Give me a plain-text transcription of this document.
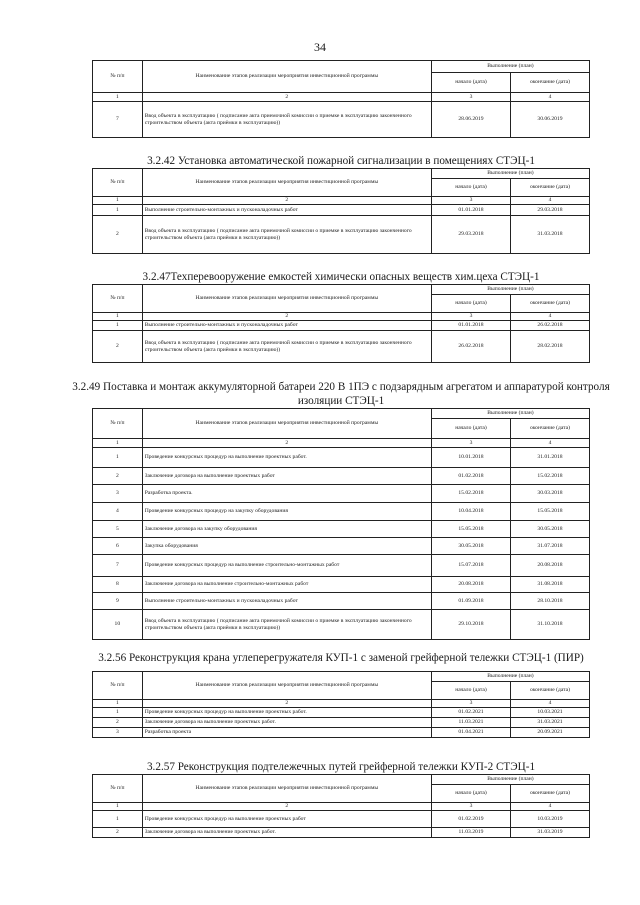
34
№ п/п	Наименование этапов реализации мероприятия инвестиционной программы	Выполнение (план)	
		начало (дата)	окончание (дата)
1	2	3	4
7	Ввод объекта в эксплуатацию ( подписание акта приемочной комиссии о приемке в эксплуатацию законченного строительством объекта (акта приёмки в эксплуатацию))	28.06.2019	30.06.2019
3.2.42 Установка автоматической пожарной сигнализации в помещениях СТЭЦ-1
№ п/п	Наименование этапов реализации мероприятия инвестиционной программы	Выполнение (план)	
		начало (дата)	окончание (дата)
1	2	3	4
1	Выполнение строительно-монтажных и пусконаладочных работ	01.01.2018	29.03.2018
2	Ввод объекта в эксплуатацию ( подписание акта приемочной комиссии о приемке в эксплуатацию законченного строительством объекта (акта приёмки в эксплуатацию))	29.03.2018	31.03.2018
3.2.47Техперевооружение емкостей химически опасных веществ хим.цеха СТЭЦ-1
№ п/п	Наименование этапов реализации мероприятия инвестиционной программы	Выполнение (план)	
		начало (дата)	окончание (дата)
1	2	3	4
1	Выполнение строительно-монтажных и пусконаладочных работ	01.01.2018	26.02.2018
2	Ввод объекта в эксплуатацию ( подписание акта приемочной комиссии о приемке в эксплуатацию законченного строительством объекта (акта приёмки в эксплуатацию))	26.02.2018	28.02.2018
3.2.49 Поставка и монтаж аккумуляторной батареи 220 В 1ПЭ с подзарядным агрегатом и аппаратурой контроля изоляции СТЭЦ-1
№ п/п	Наименование этапов реализации мероприятия инвестиционной программы	Выполнение (план)	
		начало (дата)	окончание (дата)
1	2	3	4
1	Проведение конкурсных процедур на выполнение проектных работ.	10.01.2018	31.01.2018
2	Заключение договора на выполнение проектных работ	01.02.2018	15.02.2018
3	Разработка проекта.	15.02.2018	30.03.2018
4	Проведение конкурсных процедур на закупку оборудования	10.04.2018	15.05.2018
5	Заключение договора на закупку оборудования	15.05.2018	30.05.2018
6	Закупка оборудования	30.05.2018	31.07.2018
7	Проведение конкурсных процедур на выполнение строительно-монтажных работ	15.07.2018	20.08.2018
8	Заключение договора на выполнение строительно-монтажных работ	20.08.2018	31.08.2018
9	Выполнение строительно-монтажных и пусконаладочных работ	01.09.2018	28.10.2018
10	Ввод объекта в эксплуатацию ( подписание акта приемочной комиссии о приемке в эксплуатацию законченного строительством объекта (акта приёмки в эксплуатацию))	29.10.2018	31.10.2018
3.2.56 Реконструкция крана углеперегружателя КУП-1 с заменой грейферной тележки СТЭЦ-1 (ПИР)
№ п/п	Наименование этапов реализации мероприятия инвестиционной программы	Выполнение (план)	
		начало (дата)	окончание (дата)
1	2	3	4
1	Проведение конкурсных процедур на выполнение проектных работ.	01.02.2021	10.03.2021
2	Заключение договора на выполнение проектных работ.	11.03.2021	31.03.2021
3	Разработка проекта	01.04.2021	20.09.2021
3.2.57 Реконструкция подтележечных путей грейферной тележки КУП-2 СТЭЦ-1
№ п/п	Наименование этапов реализации мероприятия инвестиционной программы	Выполнение (план)	
		начало (дата)	окончание (дата)
1	2	3	4
1	Проведение конкурсных процедур на выполнение проектных работ	01.02.2019	10.03.2019
2	Заключение договора на выполнение проектных работ.	11.03.2019	31.03.2019
